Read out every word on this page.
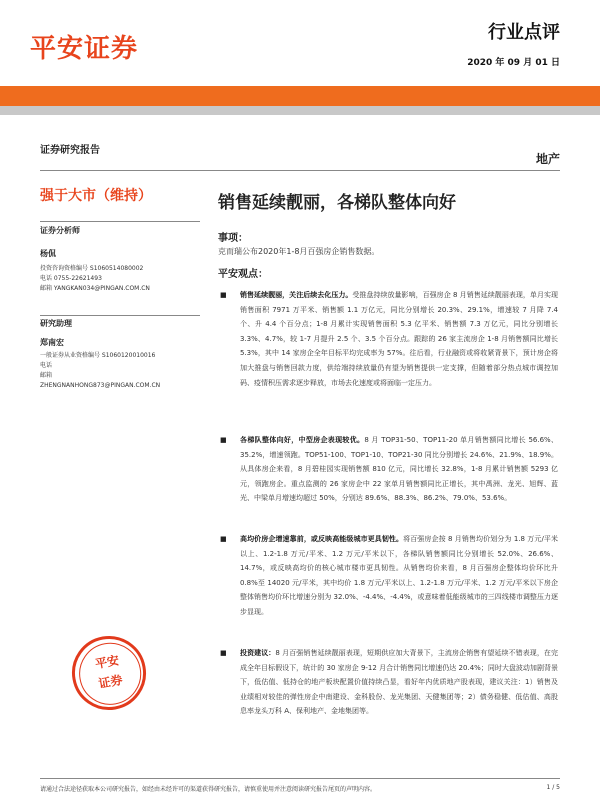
平安证券
行业点评
2020 年 09 月 01 日
证券研究报告
地产
强于大市（维持）	销售延续靓丽，各梯队整体向好
证券分析师
杨侃
投资咨询资格编号 S1060514080002
电话 0755-22621493
邮箱 YANGKAN034@PINGAN.COM.CN
研究助理
郑南宏
一般证券从业资格编号 S1060120010016
电话
邮箱
ZHENGNANHONG873@PINGAN.COM.CN
事项：
克而瑞公布2020年1-8月百强房企销售数据。
平安观点：
■ 销售延续靓丽，关注后续去化压力。受推盘持续放量影响，百强房企 8 月销售延续靓丽表现，单月实现销售面积 7971 万平米、销售额 1.1 万亿元，同比分别增长 20.3%、29.1%，增速较 7 月降 7.4 个、升 4.4 个百分点；1-8 月累计实现销售面积 5.3 亿平米、销售额 7.3 万亿元，同比分别增长 3.3%、4.7%，较 1-7 月提升 2.5 个、3.5 个百分点。跟踪的 26 家主流房企 1-8 月销售额同比增长 5.3%，其中 14 家房企全年目标平均完成率为 57%。往后看，行业融资或将收紧背景下，预计房企将加大推盘与销售回款力度，供给端持续放量仍有望为销售提供一定支撑，但随着部分热点城市调控加码、疫情积压需求逐步释放，市场去化速度或将面临一定压力。
■ 各梯队整体向好，中型房企表现较优。8 月 TOP31-50、TOP11-20 单月销售额同比增长 56.6%、35.2%，增速领跑。TOP51-100、TOP1-10、TOP21-30 同比分别增长 24.6%、21.9%、18.9%。从具体房企来看，8 月碧桂园实现销售额 810 亿元，同比增长 32.8%，1-8 月累计销售额 5293 亿元，领跑房企。重点监测的 26 家房企中 22 家单月销售额同比正增长，其中禹洲、龙光、旭辉、蓝光、中梁单月增速均超过 50%，分别达 89.6%、88.3%、86.2%、79.0%、53.6%。
■ 高均价房企增速靠前，或反映高能级城市更具韧性。将百强房企按 8 月销售均价划分为 1.8 万元/平米以上、1.2-1.8 万元/平米、1.2 万元/平米以下，各梯队销售额同比分别增长 52.0%、26.6%、14.7%，或反映高均价的核心城市楼市更具韧性。从销售均价来看，8 月百强房企整体均价环比升 0.8%至 14020 元/平米，其中均价 1.8 万元/平米以上、1.2-1.8 万元/平米、1.2 万元/平米以下房企整体销售均价环比增速分别为 32.0%、-4.4%、-4.4%，或意味着低能级城市的三四线楼市调整压力逐步显现。
■ 投资建议：8 月百强销售延续靓丽表现，短期供应加大背景下，主流房企销售有望延续不错表现，在完成全年目标假设下，统计的 30 家房企 9-12 月合计销售同比增速仍达 20.4%；同时大盘波动加剧背景下，低估值、低持仓的地产板块配置价值持续凸显，看好年内优质地产股表现，建议关注：1）销售及业绩相对较佳的弹性房企中南建设、金科股份、龙光集团、天健集团等；2）债务稳健、低估值、高股息率龙头万科 A、保利地产、金地集团等。
平安
证券
请通过合法途径获取本公司研究报告，如经由未经许可的渠道获得研究报告，请慎重使用并注意阅读研究报告尾页的声明内容。	1 / 5
